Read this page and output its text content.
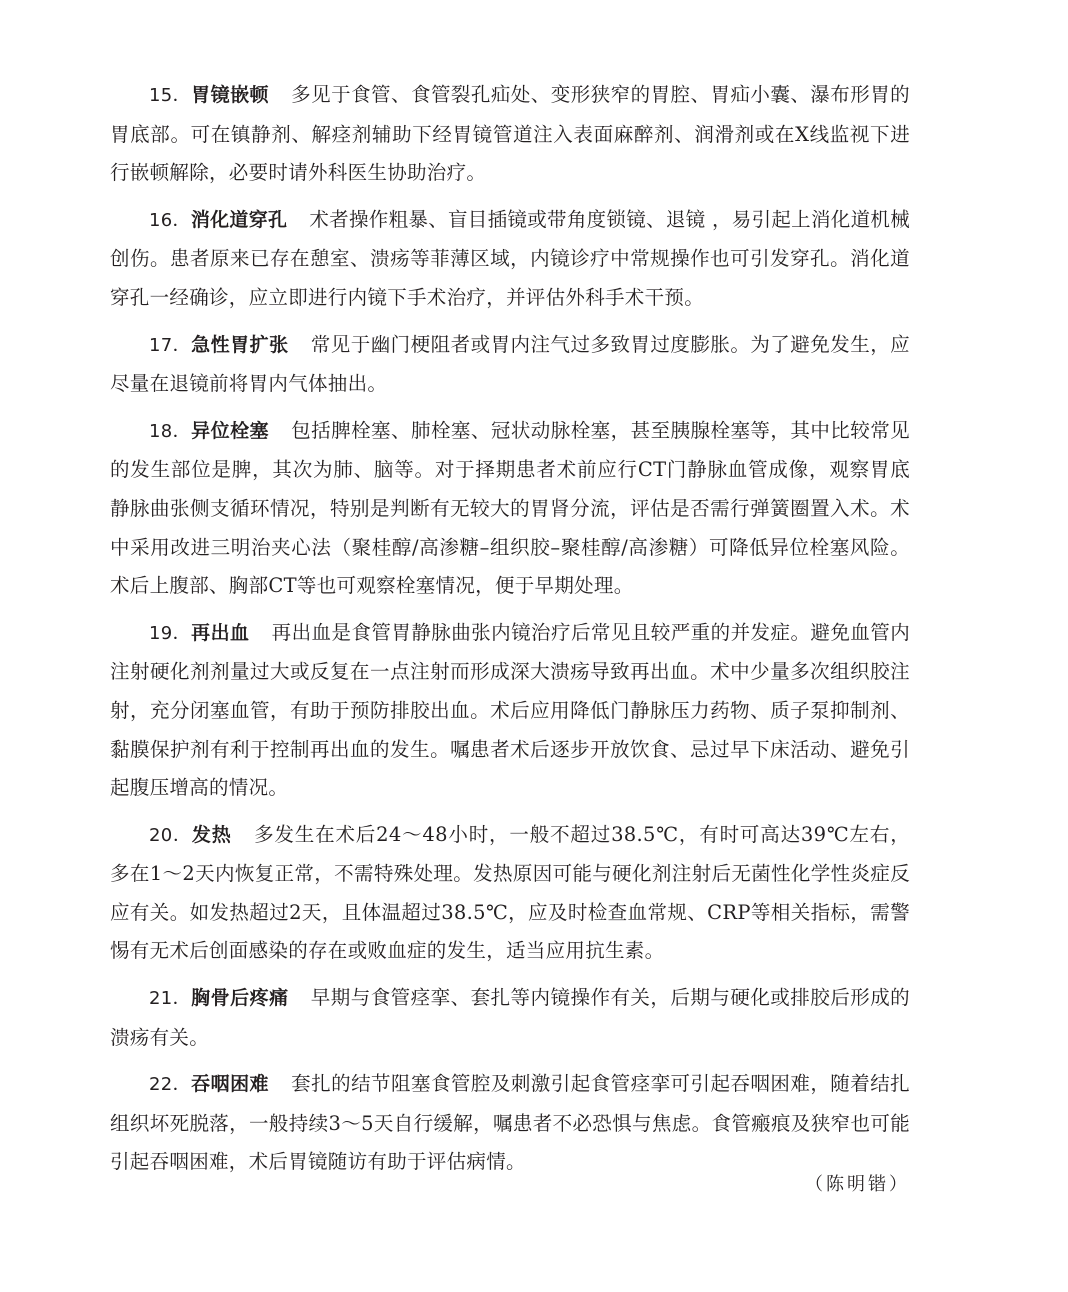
15．胃镜嵌顿 多见于食管、食管裂孔疝处、变形狭窄的胃腔、胃疝小囊、瀑布形胃的胃底部。可在镇静剂、解痉剂辅助下经胃镜管道注入表面麻醉剂、润滑剂或在X线监视下进行嵌顿解除，必要时请外科医生协助治疗。

16．消化道穿孔 术者操作粗暴、盲目插镜或带角度锁镜、退镜 ，易引起上消化道机械创伤。患者原来已存在憩室、溃疡等菲薄区域，内镜诊疗中常规操作也可引发穿孔。消化道穿孔一经确诊，应立即进行内镜下手术治疗，并评估外科手术干预。

17．急性胃扩张 常见于幽门梗阻者或胃内注气过多致胃过度膨胀。为了避免发生，应尽量在退镜前将胃内气体抽出。

18．异位栓塞 包括脾栓塞、肺栓塞、冠状动脉栓塞，甚至胰腺栓塞等，其中比较常见的发生部位是脾，其次为肺、脑等。对于择期患者术前应行CT门静脉血管成像，观察胃底静脉曲张侧支循环情况，特别是判断有无较大的胃肾分流，评估是否需行弹簧圈置入术。术中采用改进三明治夹心法（聚桂醇/高渗糖–组织胶–聚桂醇/高渗糖）可降低异位栓塞风险。术后上腹部、胸部CT等也可观察栓塞情况，便于早期处理。

19．再出血 再出血是食管胃静脉曲张内镜治疗后常见且较严重的并发症。避免血管内注射硬化剂剂量过大或反复在一点注射而形成深大溃疡导致再出血。术中少量多次组织胶注射，充分闭塞血管，有助于预防排胶出血。术后应用降低门静脉压力药物、质子泵抑制剂、黏膜保护剂有利于控制再出血的发生。嘱患者术后逐步开放饮食、忌过早下床活动、避免引起腹压增高的情况。

20．发热 多发生在术后24～48小时，一般不超过38.5℃，有时可高达39℃左右，多在1～2天内恢复正常，不需特殊处理。发热原因可能与硬化剂注射后无菌性化学性炎症反应有关。如发热超过2天，且体温超过38.5℃，应及时检查血常规、CRP等相关指标，需警惕有无术后创面感染的存在或败血症的发生，适当应用抗生素。

21．胸骨后疼痛 早期与食管痉挛、套扎等内镜操作有关，后期与硬化或排胶后形成的溃疡有关。

22．吞咽困难 套扎的结节阻塞食管腔及刺激引起食管痉挛可引起吞咽困难，随着结扎组织坏死脱落，一般持续3～5天自行缓解，嘱患者不必恐惧与焦虑。食管瘢痕及狭窄也可能引起吞咽困难，术后胃镜随访有助于评估病情。

（陈明锴）
